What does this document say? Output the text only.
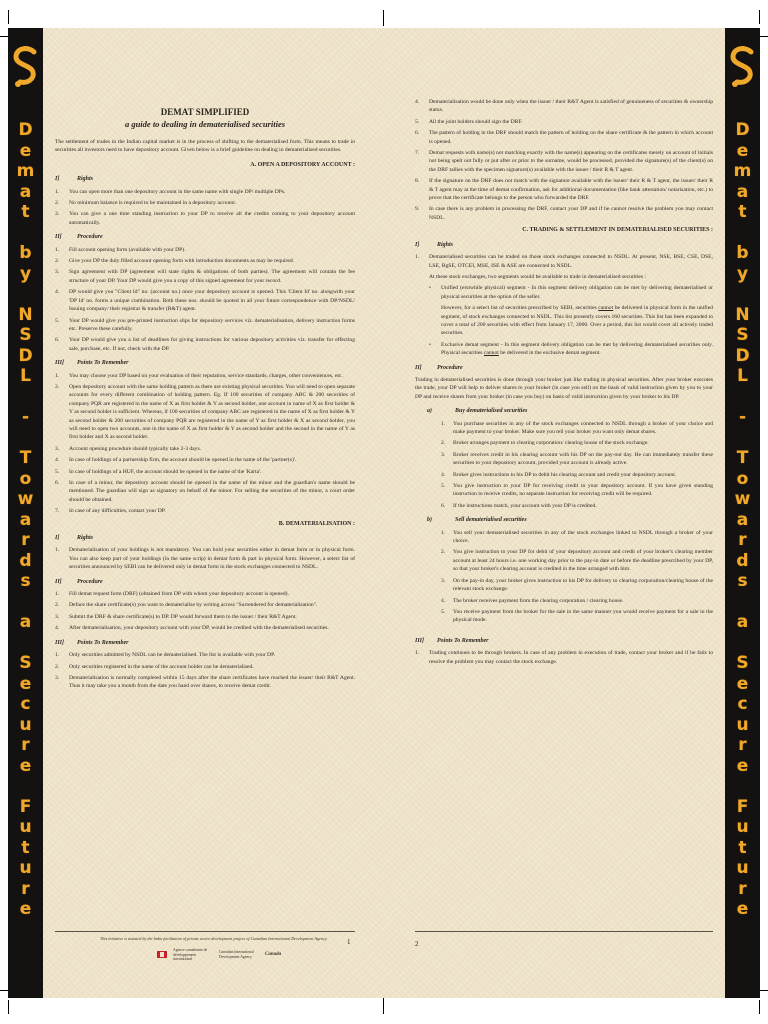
D
e
m
a
t

b
y

N
S
D
L

-

T
o
w
a
r
d
s

a

S
e
c
u
r
e

F
u
t
u
r
e
D
e
m
a
t

b
y

N
S
D
L

-

T
o
w
a
r
d
s

a

S
e
c
u
r
e

F
u
t
u
r
e
DEMAT SIMPLIFIED
a guide to dealing in dematerialised securities
The settlement of trades in the Indian capital market is in the process of shifting to the dematerialised form. This means to trade in securities all investors need to have depository account. Given below is a brief guideline on dealing in dematerialised securities.
A. OPEN A DEPOSITORY ACCOUNT :
I]	Rights
1.	You can open more than one depository account in the same name with single DP/ multiple DPs.
2.	No minimum balance is required to be maintained in a depository account.
3.	You can give a one time standing instruction to your DP to receive all the credits coming to your depository account automatically.
II]	Procedure
1.	Fill account opening form (available with your DP).
2.	Give your DP the duly filled account opening form with introduction documents as may be required.
3.	Sign agreement with DP (agreement will state rights & obligations of both parties). The agreement will contain the fee structure of your DP. Your DP would give you a copy of this signed agreement for your record.
4.	DP would give you "Client Id" no. (account no.) once your depository account is opened. This 'Client Id' no. alongwith your 'DP Id' no. forms a unique combination. Both these nos. should be quoted in all your future correspondence with DP/NSDL/ Issuing company/ their registrar & transfer (R&T) agent.
5.	Your DP would give you pre-printed instruction slips for depository services viz. dematerialisation, delivery instruction forms etc. Preserve these carefully.
6.	Your DP would give you a list of deadlines for giving instructions for various depository activities viz. transfer for effecting sale, purchase, etc. If not, check with the DP.
III]	Points To Remember
1.	You may choose your DP based on your evaluation of their reputation, service standards, charges, other conveniences, etc.
2.	Open depository account with the same holding pattern as there are existing physical securities. You will need to open separate accounts for every different combination of holding pattern. Eg. If 100 securities of company ABC & 200 securities of company PQR are registered in the name of X as first holder & Y as second holder, one account in name of X as first holder & Y as second holder is sufficient. Whereas, if 100 securities of company ABC are registered in the name of X as first holder & Y as second holder & 200 securities of company PQR are registered in the name of Y as first holder & X as second holder, you will need to open two accounts, one in the name of X as first holder & Y as second holder and the second in the name of Y as first holder and X as second holder.
3.	Account opening procedure should typically take 2-3 days.
4.	In case of holdings of a partnership firm, the account should be opened in the name of the 'partner(s)'.
5.	In case of holdings of a HUF, the account should be opened in the name of the 'Karta'.
6.	In case of a minor, the depository account should be opened in the name of the minor and the guardian's name should be mentioned. The guardian will sign as signatory on behalf of the minor. For selling the securities of the minor, a court order should be obtained.
7.	In case of any difficulties, contact your DP.
B. DEMATERIALISATION :
I]	Rights
1.	Dematerialisation of your holdings is not mandatory. You can hold your securities either in demat form or in physical form. You can also keep part of your holdings (in the same scrip) in demat form & part in physical form. However, a select list of securities announced by SEBI can be delivered only in demat form in the stock exchanges connected to NSDL.
II]	Procedure
1.	Fill demat request form (DRF) (obtained from DP with whom your depository account is opened).
2.	Deface the share certificate(s) you want to dematerialise by writing across "Surrendered for dematerialisation".
3.	Submit the DRF & share certificate(s) to DP. DP would forward them to the issuer / their R&T Agent.
4.	After dematerialisation, your depository account with your DP, would be credited with the dematerialised securities.
III]	Points To Remember
1.	Only securities admitted by NSDL can be dematerialised. The list is available with your DP.
2.	Only securities registered in the name of the account holder can be dematerialised.
3.	Dematerialisation is normally completed within 15 days after the share certificates have reached the issuer/ their R&T Agent. Thus it may take you a month from the date you hand over shares, to receive demat credit.
4.	Dematerialisation would be done only when the issuer / their R&T Agent is satisfied of genuineness of securities & ownership status.
5.	All the joint holders should sign the DRF.
6.	The pattern of holding in the DRF should match the pattern of holding on the share certificate & the pattern in which account is opened.
7.	Demat requests with name(s) not matching exactly with the name(s) appearing on the certificates merely on account of initials not being spelt out fully or put after or prior to the surname, would be processed, provided the signature(s) of the client(s) on the DRF tallies with the specimen signature(s) available with the issuer / their R & T agent.
8.	If the signature on the DRF does not match with the signature available with the issuer/ their R & T agent, the issuer/ their R & T agent may at the time of demat confirmation, ask for additional documentation (like bank attestation/ notarisation, etc.) to prove that the certificate belongs to the person who forwarded the DRF.
9.	In case there is any problem in processing the DRF, contact your DP and if he cannot resolve the problem you may contact NSDL.
C. TRADING & SETTLEMENT IN DEMATERIALISED SECURITIES :
I]	Rights
1.	Dematerialised securities can be traded on those stock exchanges connected to NSDL. At present, NSE, BSE, CSE, DSE, LSE, BgSE, OTCEI, MSE, ISE & ASE are connected to NSDL.
At these stock exchanges, two segments would be available to trade in dematerialised securities :
•	Unified (erstwhile physical) segment - In this segment delivery obligation can be met by delivering dematerialised or physical securities at the option of the seller.
However, for a select list of securities prescribed by SEBI, securities cannot be delivered in physical form in the unified segment, of stock exchanges connected to NSDL. This list presently covers 160 securities. This list has been expanded to cover a total of 200 securities with effect from January 17, 2000. Over a period, this list would cover all actively traded securities.
•	Exclusive demat segment - In this segment delivery obligation can be met by delivering dematerialised securities only. Physical securities cannot be delivered in the exclusive demat segment.
II]	Procedure
Trading in dematerialised securities is done through your broker just like trading in physical securities. After your broker executes the trade, your DP will help to deliver shares to your broker (in case you sell) on the basis of valid instruction given by you to your DP and receive shares from your broker (in case you buy) on basis of valid instruction given by your broker to his DP.
a)	Buy dematerialised securities
1.	You purchase securities in any of the stock exchanges connected to NSDL through a broker of your choice and make payment to your broker. Make sure you tell your broker you want only demat shares.
2.	Broker arranges payment to clearing corporation/ clearing house of the stock exchange.
3.	Broker receives credit in his clearing account with his DP on the pay-out day. He can immediately transfer these securities to your depository account, provided your account is already active.
4.	Broker gives instructions to his DP to debit his clearing account and credit your depository account.
5.	You give instruction to your DP for receiving credit in your depository account. If you have given standing instruction to receive credits, no separate instruction for receiving credit will be required.
6.	If the instructions match, your account with your DP is credited.
b)	Sell dematerialised securities
1.	You sell your dematerialised securities in any of the stock exchanges linked to NSDL through a broker of your choice.
2.	You give instruction to your DP for debit of your depository account and credit of your broker's clearing member account at least 24 hours i.e. one working day prior to the pay-in date or before the deadline prescribed by your DP, so that your broker's clearing account is credited in the time arranged with him.
3.	On the pay-in day, your broker gives instruction to his DP for delivery to clearing corporation/clearing house of the relevant stock exchange.
4.	The broker receives payment from the clearing corporation / clearing house.
5.	You receive payment from the broker for the sale in the same manner you would receive payment for a sale in the physical mode.
III]	Points To Remember
1.	Trading continues to be through brokers. In case of any problem in execution of trade, contact your broker and if he fails to resolve the problem you may contact the stock exchange.
This initiative is assisted by the India facilitation of private sector development project of Canadian International Development Agency.	1	2
Agence canadienne de développement international
Canadian International Development Agency
Canada
